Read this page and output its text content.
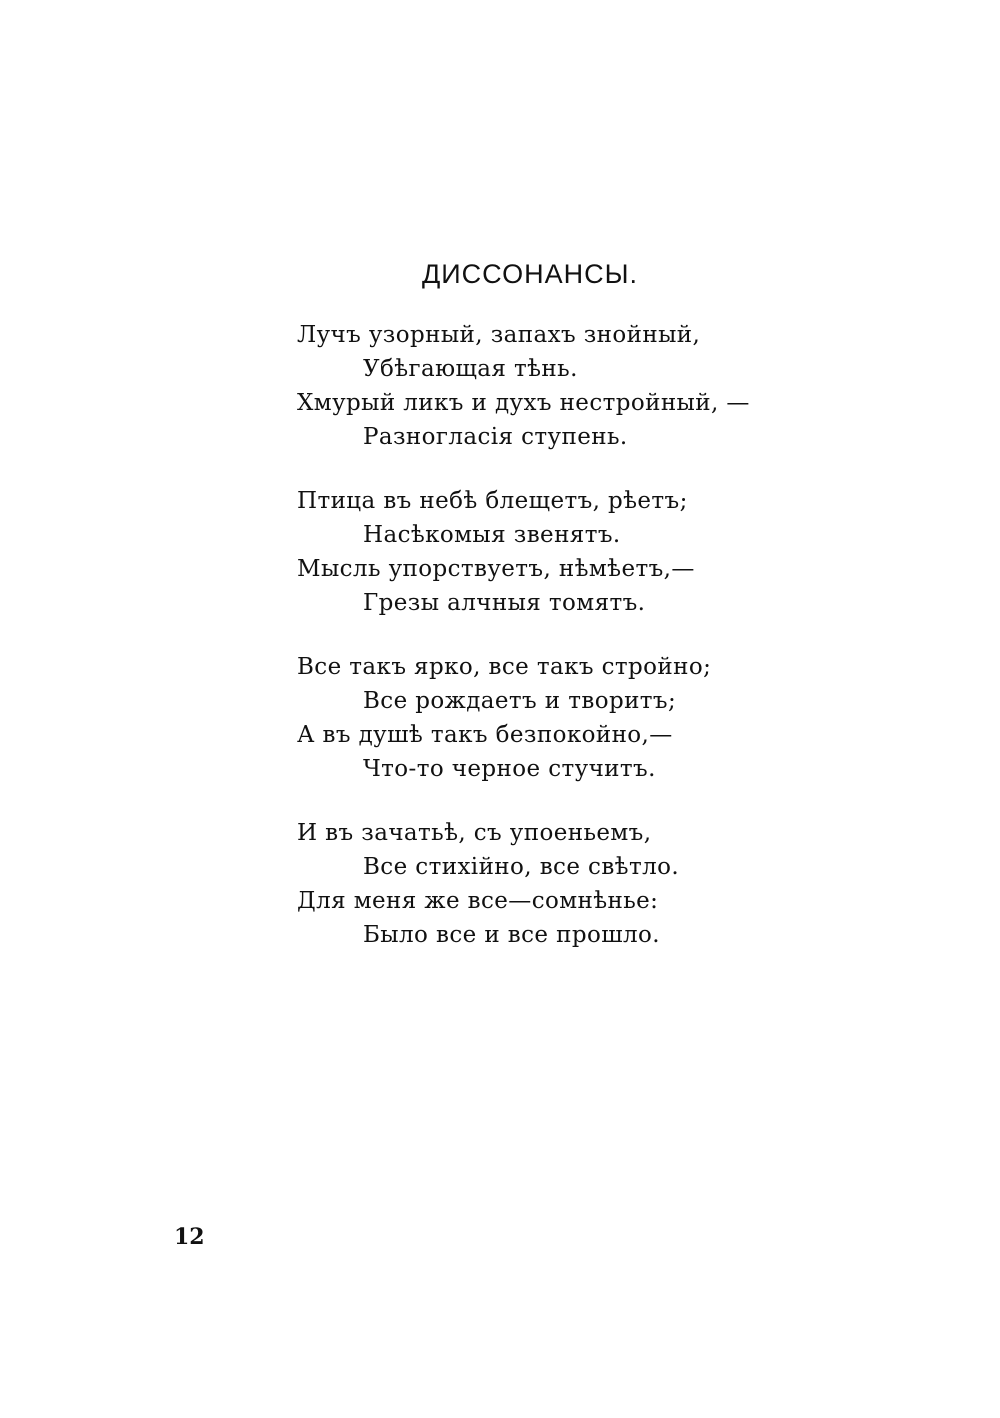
ДИССОНАНСЫ.
Лучъ узорный, запахъ знойный,
Убѣгающая тѣнь.
Хмурый ликъ и духъ нестройный, —
Разногласія ступень.
Птица въ небѣ блещетъ, рѣетъ;
Насѣкомыя звенятъ.
Мысль упорствуетъ, нѣмѣетъ,—
Грезы алчныя томятъ.
Все такъ ярко, все такъ стройно;
Все рождаетъ и творитъ;
А въ душѣ такъ безпокойно,—
Что-то черное стучитъ.
И въ зачатьѣ, съ упоеньемъ,
Все стихійно, все свѣтло.
Для меня же все—сомнѣнье:
Было все и все прошло.
12
